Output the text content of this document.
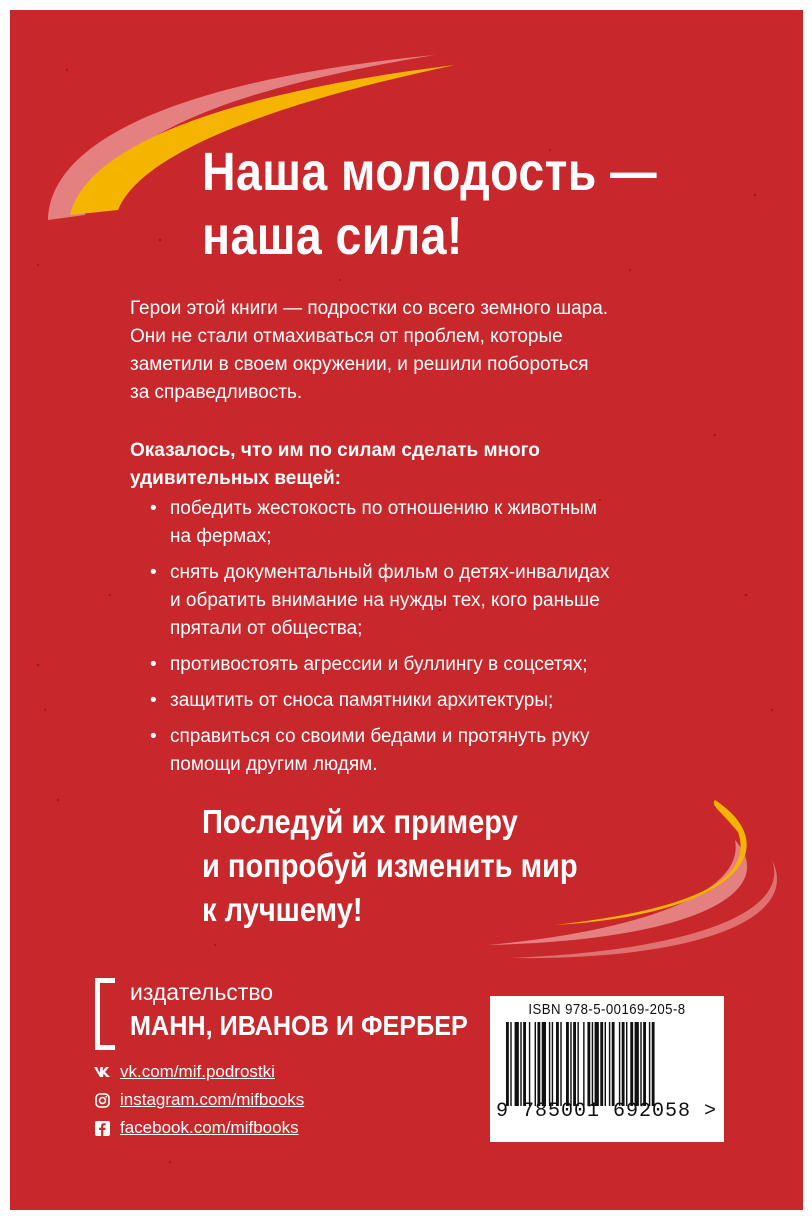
Наша молодость —
наша сила!
Герои этой книги — подростки со всего земного шара.
Они не стали отмахиваться от проблем, которые
заметили в своем окружении, и решили побороться
за справедливость.
Оказалось, что им по силам сделать много
удивительных вещей:
• победить жестокость по отношению к животным
на фермах;
• снять документальный фильм о детях-инвалидах
и обратить внимание на нужды тех, кого раньше
прятали от общества;
• противостоять агрессии и буллингу в соцсетях;
• защитить от сноса памятники архитектуры;
• справиться со своими бедами и протянуть руку
помощи другим людям.
Последуй их примеру
и попробуй изменить мир
к лучшему!
издательство
МАНН, ИВАНОВ И ФЕРБЕР
vk.com/mif.podrostki
instagram.com/mifbooks
facebook.com/mifbooks
ISBN 978-5-00169-205-8
9 785001 692058 >
